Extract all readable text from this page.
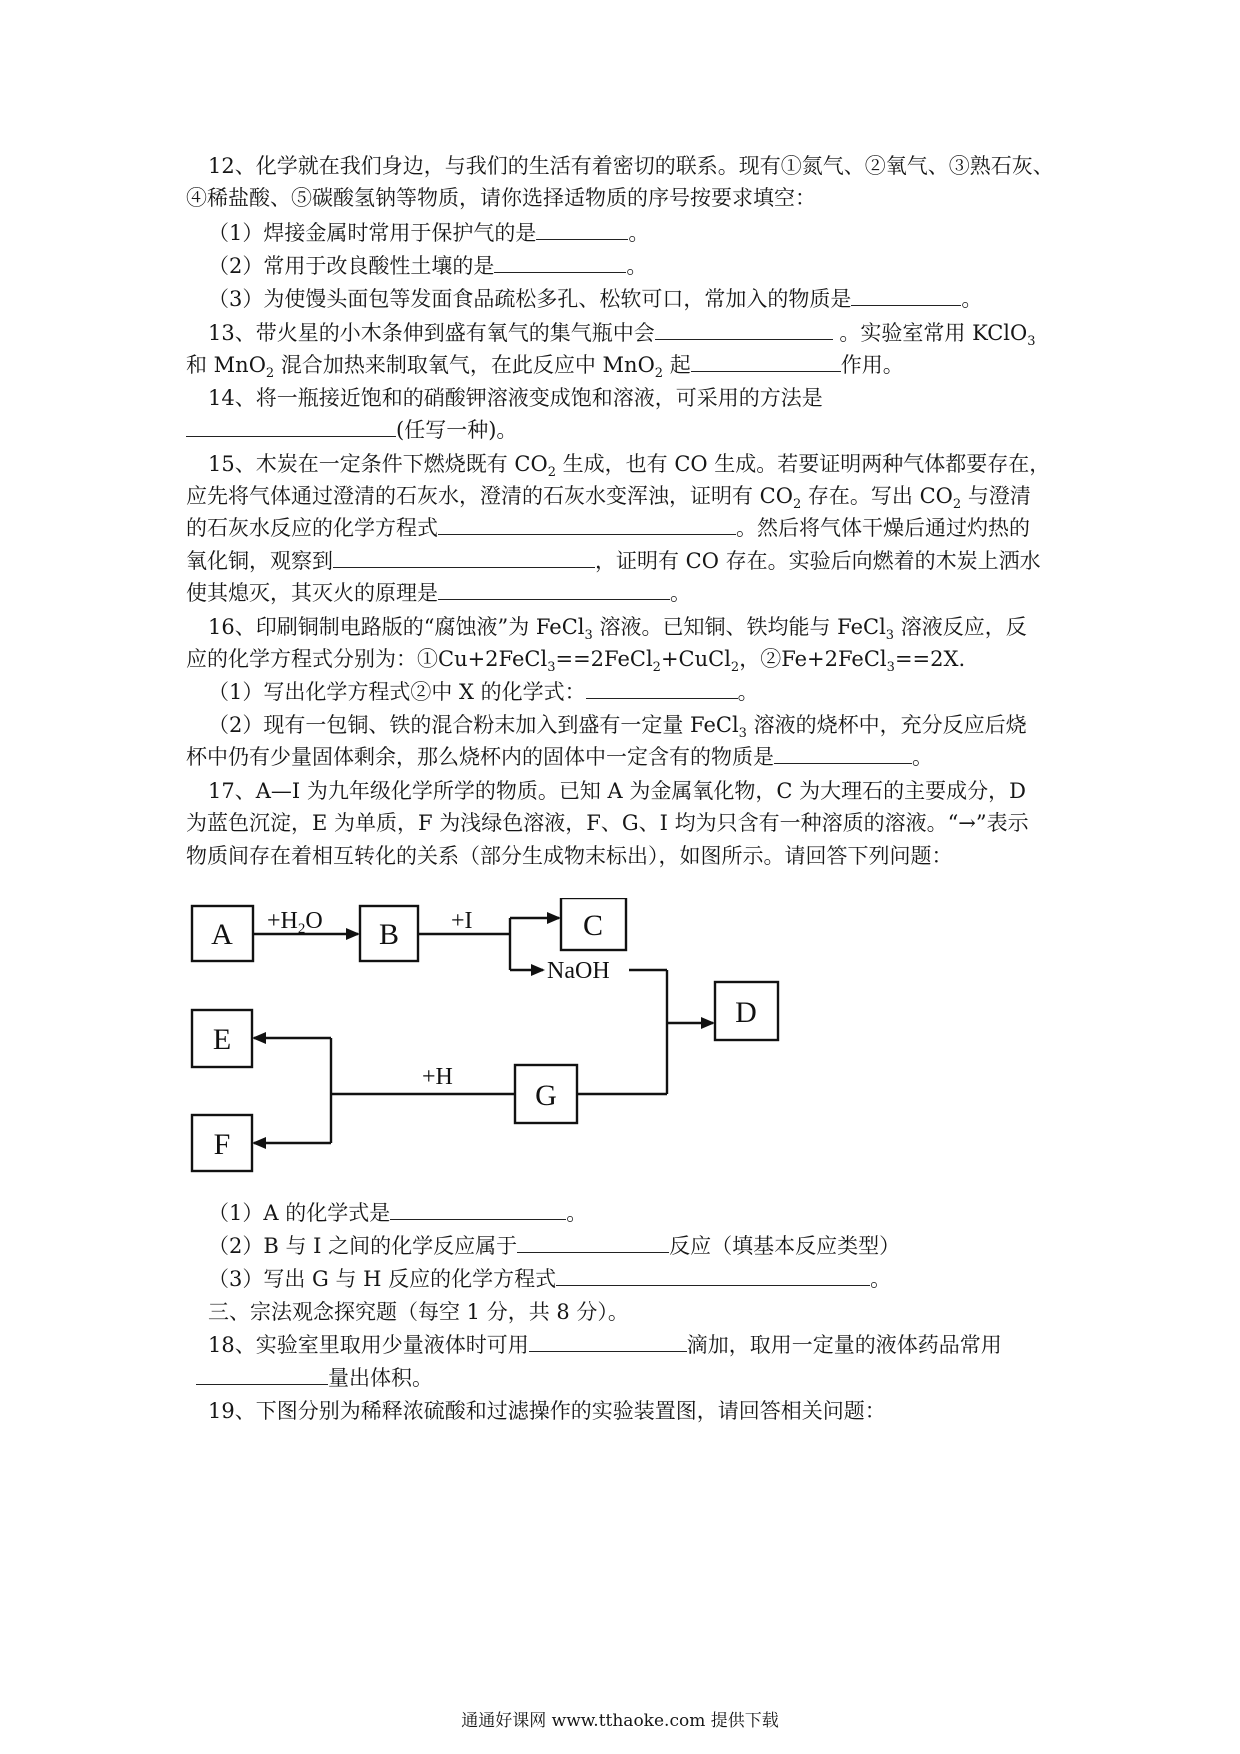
12、化学就在我们身边，与我们的生活有着密切的联系。现有①氮气、②氧气、③熟石灰、
④稀盐酸、⑤碳酸氢钠等物质，请你选择适物质的序号按要求填空：
（1）焊接金属时常用于保护气的是	。
（2）常用于改良酸性土壤的是	。
（3）为使馒头面包等发面食品疏松多孔、松软可口，常加入的物质是	。
13、带火星的小木条伸到盛有氧气的集气瓶中会	。实验室常用 KClO$_3$
和 MnO$_2$ 混合加热来制取氧气，在此反应中 MnO$_2$ 起	作用。
14、将一瓶接近饱和的硝酸钾溶液变成饱和溶液，可采用的方法是
(任写一种)。
15、木炭在一定条件下燃烧既有 $CO_2$ 生成，也有 CO 生成。若要证明两种气体都要存在，
应先将气体通过澄清的石灰水，澄清的石灰水变浑浊，证明有 $CO_2$ 存在。写出 $CO_2$ 与澄清
的石灰水反应的化学方程式	。然后将气体干燥后通过灼热的
氧化铜，观察到	，证明有 CO 存在。实验后向燃着的木炭上洒水
使其熄灭，其灭火的原理是	。
16、印刷铜制电路版的“腐蚀液”为 FeCl$_3$ 溶液。已知铜、铁均能与 FeCl$_3$ 溶液反应，反
应的化学方程式分别为：①Cu+2FeCl$_3$==2FeCl$_2$+CuCl$_2$，②Fe+2FeCl$_3$==2X.
（1）写出化学方程式②中 X 的化学式：	。
（2）现有一包铜、铁的混合粉末加入到盛有一定量 FeCl$_3$ 溶液的烧杯中，充分反应后烧
杯中仍有少量固体剩余，那么烧杯内的固体中一定含有的物质是	。
17、A—I 为九年级化学所学的物质。已知 A 为金属氧化物，C 为大理石的主要成分，D
为蓝色沉淀，E 为单质，F 为浅绿色溶液，F、G、I 均为只含有一种溶质的溶液。“→”表示
物质间存在着相互转化的关系（部分生成物末标出），如图所示。请回答下列问题：
A	B	C
D
E
F
G
$+H_2O$	+I
NaOH
+H
（1）A 的化学式是	。
（2）B 与 I 之间的化学反应属于	反应（填基本反应类型）
（3）写出 G 与 H 反应的化学方程式	。
三、宗法观念探究题（每空 1 分，共 8 分）。
18、实验室里取用少量液体时可用	滴加，取用一定量的液体药品常用
量出体积。
19、下图分别为稀释浓硫酸和过滤操作的实验装置图，请回答相关问题：
通通好课网 www.tthaoke.com 提供下载
